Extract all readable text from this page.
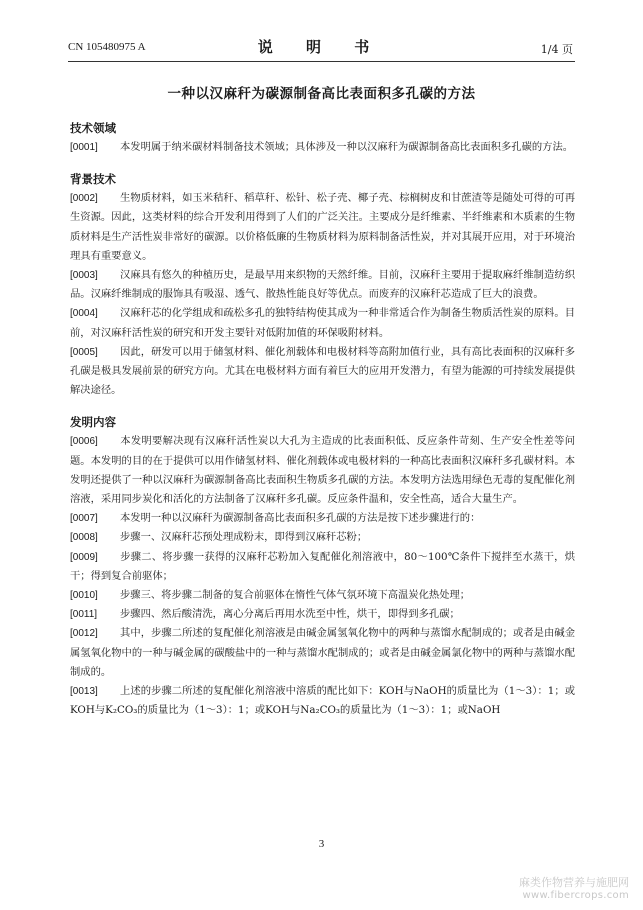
CN 105480975 A	说 明 书	1/4 页
一种以汉麻秆为碳源制备高比表面积多孔碳的方法
技术领域
[0001] 本发明属于纳米碳材料制备技术领域；具体涉及一种以汉麻秆为碳源制备高比表面积多孔碳的方法。
背景技术
[0002] 生物质材料，如玉米秸秆、稻草秆、松针、松子壳、椰子壳、棕榈树皮和甘蔗渣等是随处可得的可再生资源。因此，这类材料的综合开发利用得到了人们的广泛关注。主要成分是纤维素、半纤维素和木质素的生物质材料是生产活性炭非常好的碳源。以价格低廉的生物质材料为原料制备活性炭，并对其展开应用，对于环境治理具有重要意义。
[0003] 汉麻具有悠久的种植历史，是最早用来织物的天然纤维。目前，汉麻秆主要用于提取麻纤维制造纺织品。汉麻纤维制成的服饰具有吸湿、透气、散热性能良好等优点。而废弃的汉麻秆芯造成了巨大的浪费。
[0004] 汉麻秆芯的化学组成和疏松多孔的独特结构使其成为一种非常适合作为制备生物质活性炭的原料。目前，对汉麻秆活性炭的研究和开发主要针对低附加值的环保吸附材料。
[0005] 因此，研发可以用于储氢材料、催化剂载体和电极材料等高附加值行业，具有高比表面积的汉麻秆多孔碳是极具发展前景的研究方向。尤其在电极材料方面有着巨大的应用开发潜力，有望为能源的可持续发展提供解决途径。
发明内容
[0006] 本发明要解决现有汉麻秆活性炭以大孔为主造成的比表面积低、反应条件苛刻、生产安全性差等问题。本发明的目的在于提供可以用作储氢材料、催化剂载体或电极材料的一种高比表面积汉麻秆多孔碳材料。本发明还提供了一种以汉麻秆为碳源制备高比表面积生物质多孔碳的方法。本发明方法选用绿色无毒的复配催化剂溶液，采用同步炭化和活化的方法制备了汉麻秆多孔碳。反应条件温和，安全性高，适合大量生产。
[0007] 本发明一种以汉麻秆为碳源制备高比表面积多孔碳的方法是按下述步骤进行的：
[0008] 步骤一、汉麻秆芯预处理成粉末，即得到汉麻秆芯粉；
[0009] 步骤二、将步骤一获得的汉麻秆芯粉加入复配催化剂溶液中，80～100℃条件下搅拌至水蒸干，烘干；得到复合前驱体；
[0010] 步骤三、将步骤二制备的复合前驱体在惰性气体气氛环境下高温炭化热处理；
[0011] 步骤四、然后酸清洗，离心分离后再用水洗至中性，烘干，即得到多孔碳；
[0012] 其中，步骤二所述的复配催化剂溶液是由碱金属氢氧化物中的两种与蒸馏水配制成的；或者是由碱金属氢氧化物中的一种与碱金属的碳酸盐中的一种与蒸馏水配制成的；或者是由碱金属氯化物中的两种与蒸馏水配制成的。
[0013] 上述的步骤二所述的复配催化剂溶液中溶质的配比如下：KOH与NaOH的质量比为（1～3）：1；或KOH与K₂CO₃的质量比为（1～3）：1；或KOH与Na₂CO₃的质量比为（1～3）：1；或NaOH
3
麻类作物营养与施肥网
www.fibercrops.com
